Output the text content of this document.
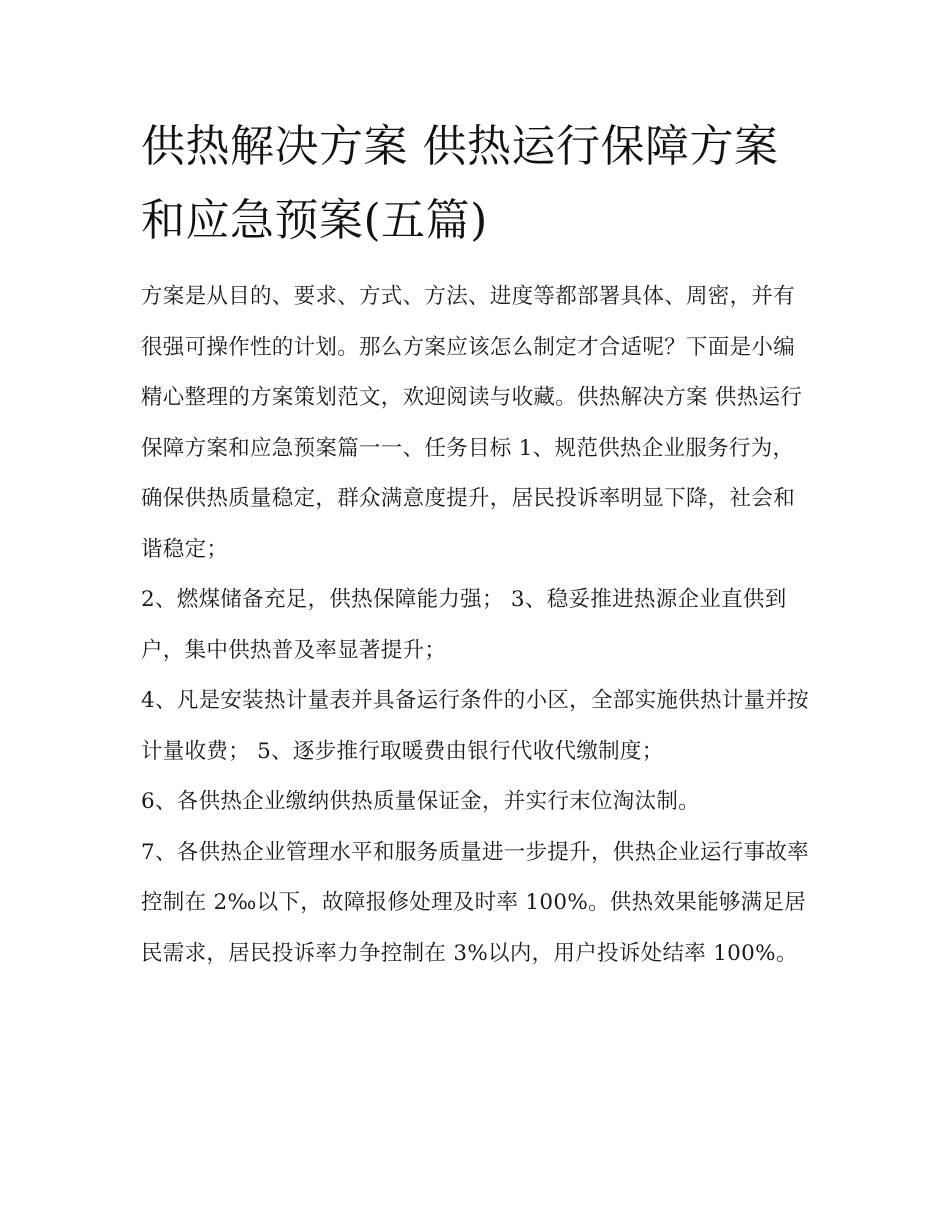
供热解决方案 供热运行保障方案和应急预案(五篇)

方案是从目的、要求、方式、方法、进度等都部署具体、周密，并有很强可操作性的计划。那么方案应该怎么制定才合适呢？下面是小编精心整理的方案策划范文，欢迎阅读与收藏。供热解决方案 供热运行保障方案和应急预案篇一一、任务目标 1、规范供热企业服务行为，确保供热质量稳定，群众满意度提升，居民投诉率明显下降，社会和谐稳定；

2、燃煤储备充足，供热保障能力强； 3、稳妥推进热源企业直供到户，集中供热普及率显著提升；

4、凡是安装热计量表并具备运行条件的小区，全部实施供热计量并按计量收费； 5、逐步推行取暖费由银行代收代缴制度；

6、各供热企业缴纳供热质量保证金，并实行末位淘汰制。

7、各供热企业管理水平和服务质量进一步提升，供热企业运行事故率控制在 2‰以下，故障报修处理及时率 100%。供热效果能够满足居民需求，居民投诉率力争控制在 3%以内，用户投诉处结率 100%。
